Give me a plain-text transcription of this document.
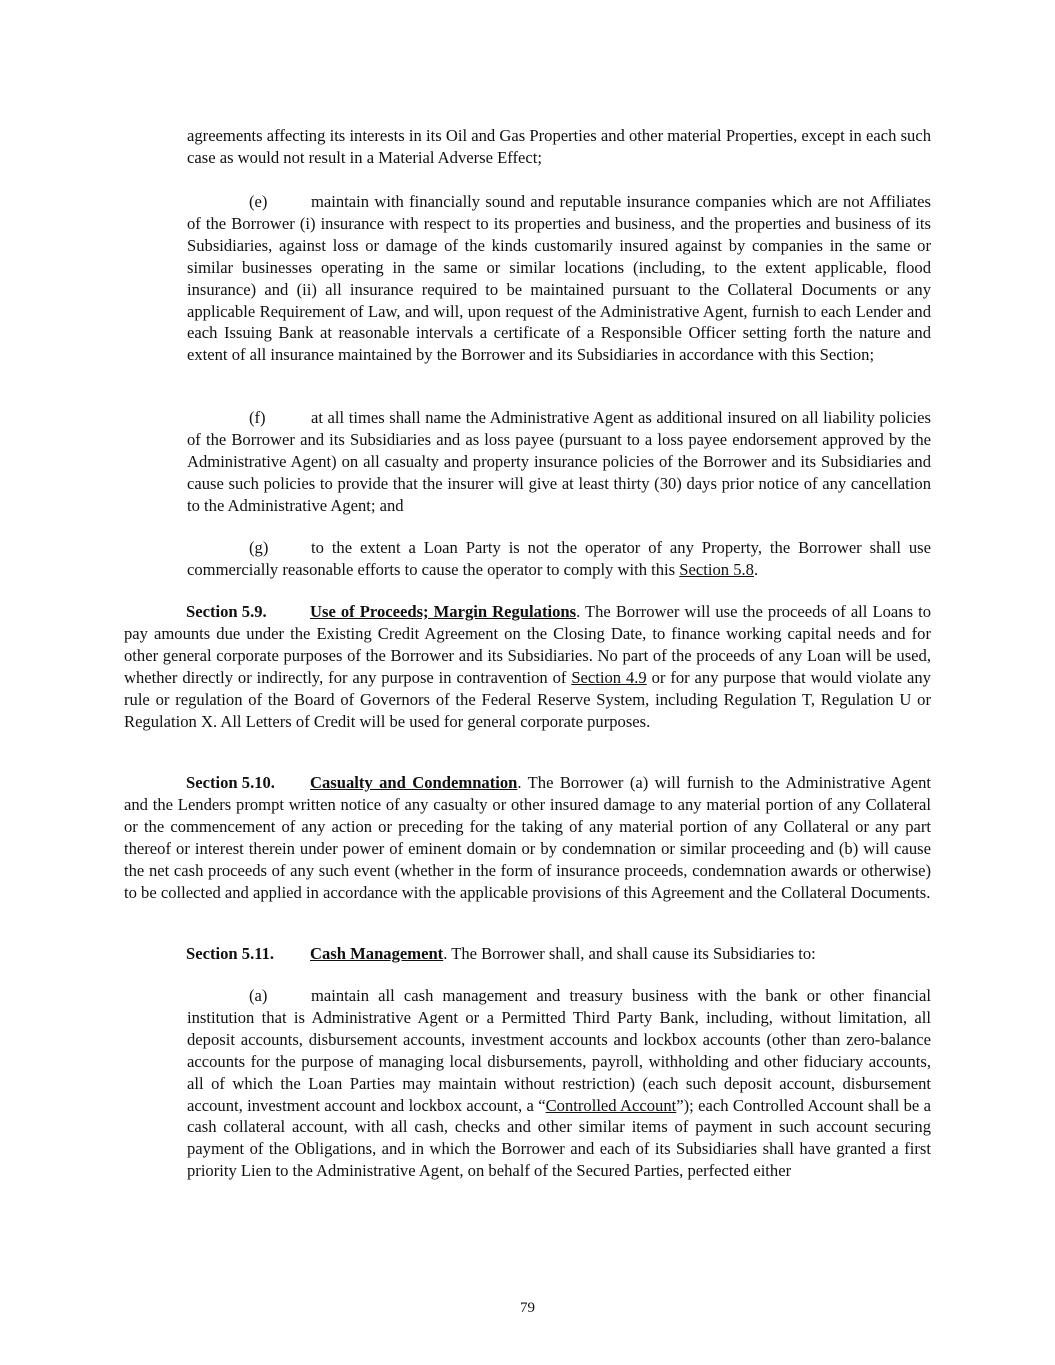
agreements affecting its interests in its Oil and Gas Properties and other material Properties, except in each such case as would not result in a Material Adverse Effect;

(e)	maintain with financially sound and reputable insurance companies which are not Affiliates of the Borrower (i) insurance with respect to its properties and business, and the properties and business of its Subsidiaries, against loss or damage of the kinds customarily insured against by companies in the same or similar businesses operating in the same or similar locations (including, to the extent applicable, flood insurance) and (ii) all insurance required to be maintained pursuant to the Collateral Documents or any applicable Requirement of Law, and will, upon request of the Administrative Agent, furnish to each Lender and each Issuing Bank at reasonable intervals a certificate of a Responsible Officer setting forth the nature and extent of all insurance maintained by the Borrower and its Subsidiaries in accordance with this Section;

(f)	at all times shall name the Administrative Agent as additional insured on all liability policies of the Borrower and its Subsidiaries and as loss payee (pursuant to a loss payee endorsement approved by the Administrative Agent) on all casualty and property insurance policies of the Borrower and its Subsidiaries and cause such policies to provide that the insurer will give at least thirty (30) days prior notice of any cancellation to the Administrative Agent; and

(g)	to the extent a Loan Party is not the operator of any Property, the Borrower shall use commercially reasonable efforts to cause the operator to comply with this Section 5.8.

Section 5.9.	Use of Proceeds; Margin Regulations. The Borrower will use the proceeds of all Loans to pay amounts due under the Existing Credit Agreement on the Closing Date, to finance working capital needs and for other general corporate purposes of the Borrower and its Subsidiaries. No part of the proceeds of any Loan will be used, whether directly or indirectly, for any purpose in contravention of Section 4.9 or for any purpose that would violate any rule or regulation of the Board of Governors of the Federal Reserve System, including Regulation T, Regulation U or Regulation X. All Letters of Credit will be used for general corporate purposes.

Section 5.10. Casualty and Condemnation. The Borrower (a) will furnish to the Administrative Agent and the Lenders prompt written notice of any casualty or other insured damage to any material portion of any Collateral or the commencement of any action or preceding for the taking of any material portion of any Collateral or any part thereof or interest therein under power of eminent domain or by condemnation or similar proceeding and (b) will cause the net cash proceeds of any such event (whether in the form of insurance proceeds, condemnation awards or otherwise) to be collected and applied in accordance with the applicable provisions of this Agreement and the Collateral Documents.

Section 5.11. Cash Management. The Borrower shall, and shall cause its Subsidiaries to:

(a)	maintain all cash management and treasury business with the bank or other financial institution that is Administrative Agent or a Permitted Third Party Bank, including, without limitation, all deposit accounts, disbursement accounts, investment accounts and lockbox accounts (other than zero-balance accounts for the purpose of managing local disbursements, payroll, withholding and other fiduciary accounts, all of which the Loan Parties may maintain without restriction) (each such deposit account, disbursement account, investment account and lockbox account, a “Controlled Account”); each Controlled Account shall be a cash collateral account, with all cash, checks and other similar items of payment in such account securing payment of the Obligations, and in which the Borrower and each of its Subsidiaries shall have granted a first priority Lien to the Administrative Agent, on behalf of the Secured Parties, perfected either

79
